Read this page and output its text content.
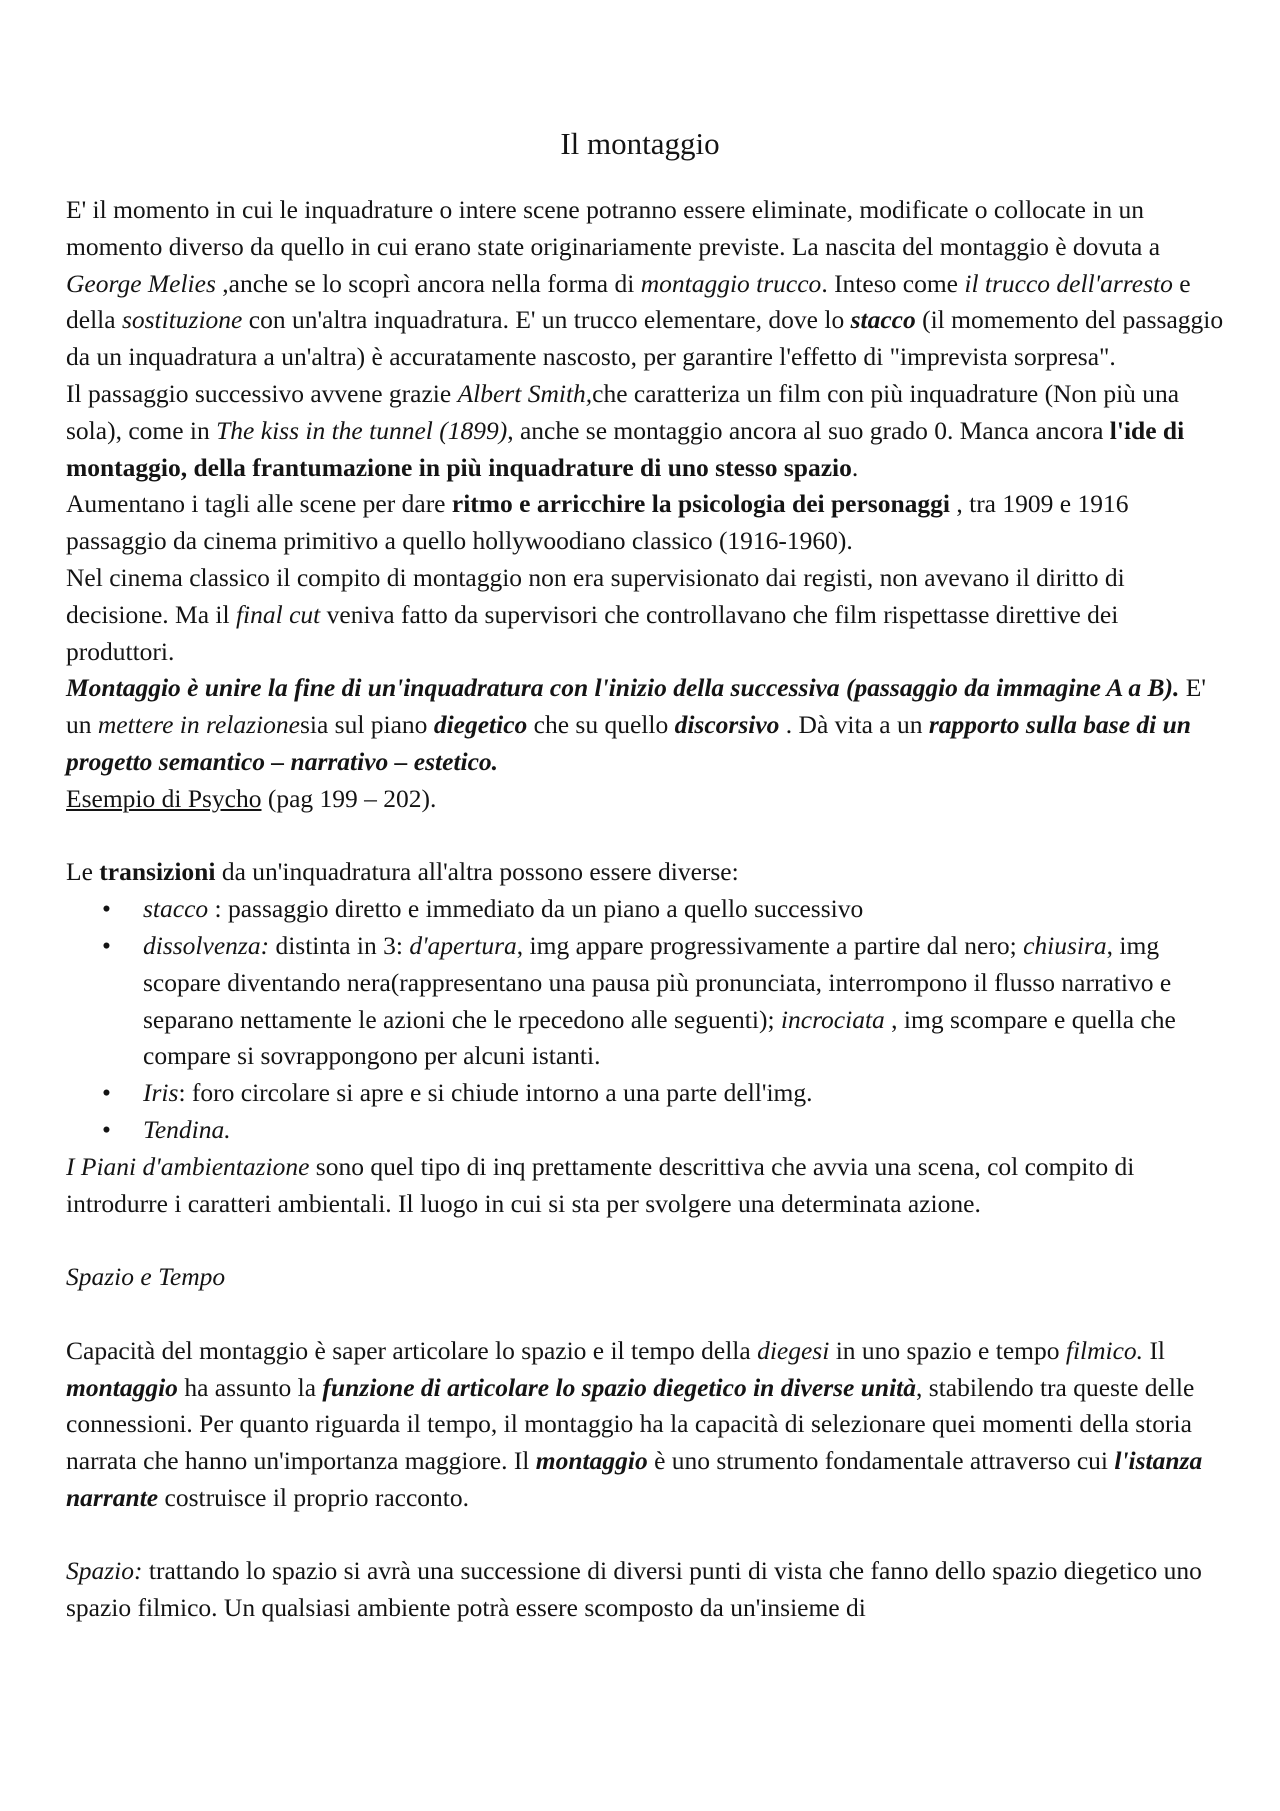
Il montaggio

E' il momento in cui le inquadrature o intere scene potranno essere eliminate, modificate o collocate in un momento diverso da quello in cui erano state originariamente previste. La nascita del montaggio è dovuta a George Melies ,anche se lo scoprì ancora nella forma di montaggio trucco. Inteso come il trucco dell'arresto e della sostituzione con un'altra inquadratura. E' un trucco elementare, dove lo stacco (il momemento del passaggio da un inquadratura a un'altra) è accuratamente nascosto, per garantire l'effetto di "imprevista sorpresa".

Il passaggio successivo avvene grazie Albert Smith,che caratteriza un film con più inquadrature (Non più una sola), come in The kiss in the tunnel (1899), anche se montaggio ancora al suo grado 0. Manca ancora l'ide di montaggio, della frantumazione in più inquadrature di uno stesso spazio.

Aumentano i tagli alle scene per dare ritmo e arricchire la psicologia dei personaggi , tra 1909 e 1916 passaggio da cinema primitivo a quello hollywoodiano classico (1916-1960).

Nel cinema classico il compito di montaggio non era supervisionato dai registi, non avevano il diritto di decisione. Ma il final cut veniva fatto da supervisori che controllavano che film rispettasse direttive dei produttori.

Montaggio è unire la fine di un'inquadratura con l'inizio della successiva (passaggio da immagine A a B). E' un mettere in relazionesia sul piano diegetico che su quello discorsivo . Dà vita a un rapporto sulla base di un progetto semantico – narrativo – estetico.

Esempio di Psycho (pag 199 – 202).

Le transizioni da un'inquadratura all'altra possono essere diverse:

• stacco : passaggio diretto e immediato da un piano a quello successivo
• dissolvenza: distinta in 3: d'apertura, img appare progressivamente a partire dal nero; chiusira, img scopare diventando nera(rappresentano una pausa più pronunciata, interrompono il flusso narrativo e separano nettamente le azioni che le rpecedono alle seguenti); incrociata , img scompare e quella che compare si sovrappongono per alcuni istanti.
• Iris: foro circolare si apre e si chiude intorno a una parte dell'img.
• Tendina.

I Piani d'ambientazione sono quel tipo di inq prettamente descrittiva che avvia una scena, col compito di introdurre i caratteri ambientali. Il luogo in cui si sta per svolgere una determinata azione.

Spazio e Tempo

Capacità del montaggio è saper articolare lo spazio e il tempo della diegesi in uno spazio e tempo filmico. Il montaggio ha assunto la funzione di articolare lo spazio diegetico in diverse unità, stabilendo tra queste delle connessioni. Per quanto riguarda il tempo, il montaggio ha la capacità di selezionare quei momenti della storia narrata che hanno un'importanza maggiore. Il montaggio è uno strumento fondamentale attraverso cui l'istanza narrante costruisce il proprio racconto.

Spazio: trattando lo spazio si avrà una successione di diversi punti di vista che fanno dello spazio diegetico uno spazio filmico. Un qualsiasi ambiente potrà essere scomposto da un'insieme di
